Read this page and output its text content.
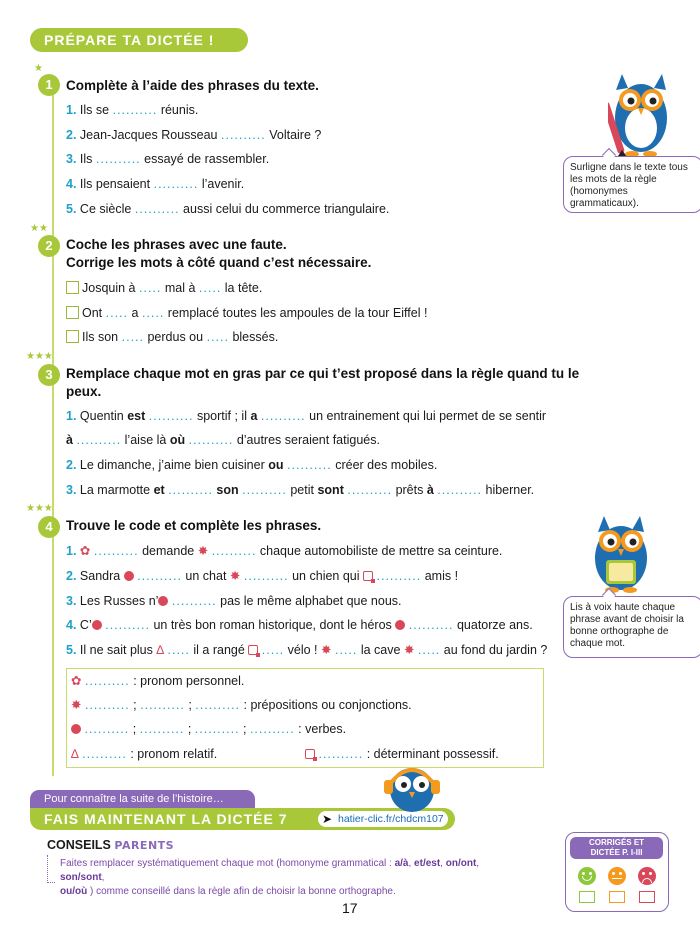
PRÉPARE TA DICTÉE !
★
1 Complète à l’aide des phrases du texte.
1. Ils se .......... réunis.
2. Jean-Jacques Rousseau .......... Voltaire ?
3. Ils .......... essayé de rassembler.
4. Ils pensaient .......... l’avenir.
5. Ce siècle .......... aussi celui du commerce triangulaire.
★★
2 Coche les phrases avec une faute.
Corrige les mots à côté quand c’est nécessaire.
Josquin à ..... mal à ..... la tête.
Ont ..... a ..... remplacé toutes les ampoules de la tour Eiffel !
Ils son ..... perdus ou ..... blessés.
★★★
3 Remplace chaque mot en gras par ce qui t’est proposé dans la règle quand tu le
peux.
1. Quentin est .......... sportif ; il a .......... un entrainement qui lui permet de se sentir
à .......... l’aise là où .......... d’autres seraient fatigués.
2. Le dimanche, j’aime bien cuisiner ou .......... créer des mobiles.
3. La marmotte et .......... son .......... petit sont .......... prêts à .......... hiberner.
★★★
4 Trouve le code et complète les phrases.
1. ✿ .......... demande ✸ .......... chaque automobiliste de mettre sa ceinture.
2. Sandra .......... un chat ✸ .......... un chien qui .......... amis !
3. Les Russes n’ .......... pas le même alphabet que nous.
4. C’ .......... un très bon roman historique, dont le héros .......... quatorze ans.
5. Il ne sait plus ∆ ..... il a rangé ..... vélo ! ✸ ..... la cave ✸ ..... au fond du jardin ?
✿ .......... : pronom personnel.
✸ .......... ; .......... ; .......... : prépositions ou conjonctions.
.......... ; .......... ; .......... ; .......... : verbes.
∆ .......... : pronom relatif.	.......... : déterminant possessif.
Surligne dans le texte tous les mots de la règle (homonymes grammaticaux).
Lis à voix haute chaque phrase avant de choisir la bonne orthographe de chaque mot.
Pour connaître la suite de l’histoire…
FAIS MAINTENANT LA DICTÉE 7	➤ hatier-clic.fr/chdcm107
CONSEILS PARENTS
Faites remplacer systématiquement chaque mot (homonyme grammatical : a/à, et/est, on/ont, son/sont,
ou/où ) comme conseillé dans la règle afin de choisir la bonne orthographe.
17
CORRIGÉS ET
DICTÉE P. I-III
